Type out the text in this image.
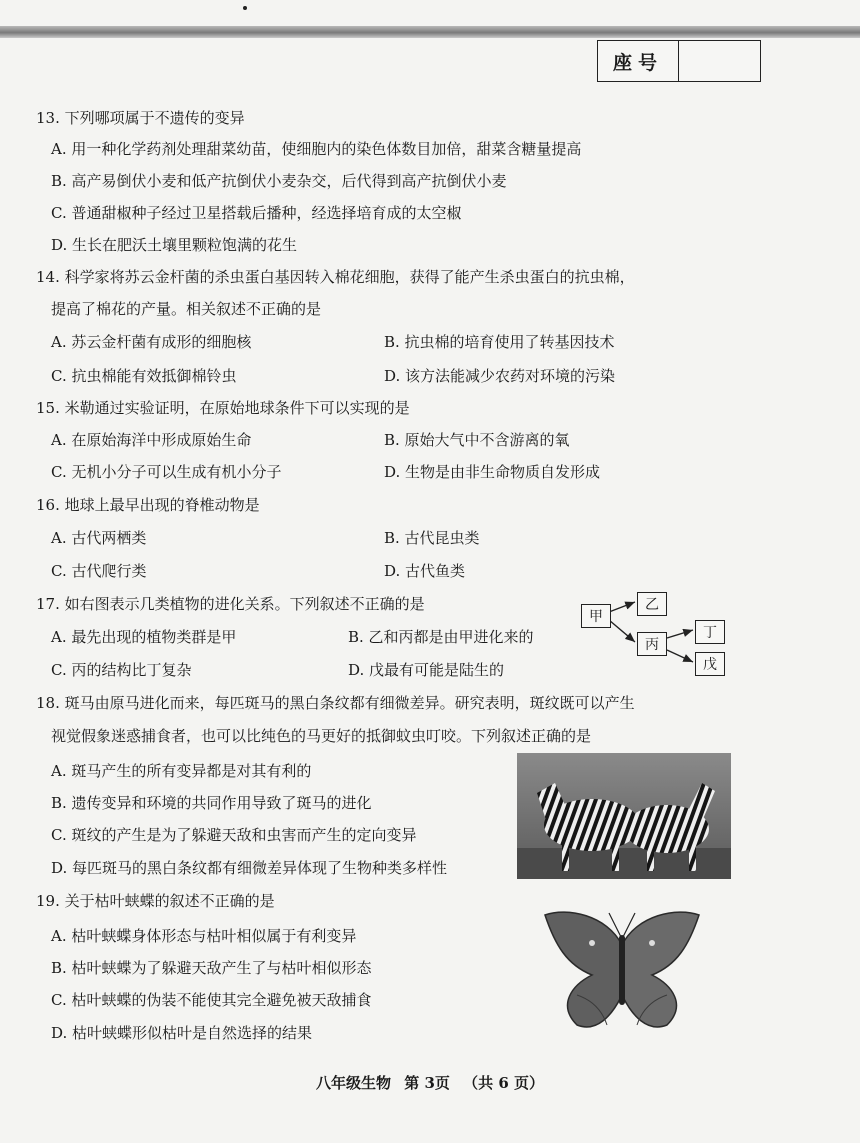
座号
13. 下列哪项属于不遗传的变异
A. 用一种化学药剂处理甜菜幼苗，使细胞内的染色体数目加倍，甜菜含糖量提高
B. 高产易倒伏小麦和低产抗倒伏小麦杂交，后代得到高产抗倒伏小麦
C. 普通甜椒种子经过卫星搭载后播种，经选择培育成的太空椒
D. 生长在肥沃土壤里颗粒饱满的花生
14. 科学家将苏云金杆菌的杀虫蛋白基因转入棉花细胞，获得了能产生杀虫蛋白的抗虫棉，
提高了棉花的产量。相关叙述不正确的是
A. 苏云金杆菌有成形的细胞核	B. 抗虫棉的培育使用了转基因技术
C. 抗虫棉能有效抵御棉铃虫	D. 该方法能减少农药对环境的污染
15. 米勒通过实验证明，在原始地球条件下可以实现的是
A. 在原始海洋中形成原始生命	B. 原始大气中不含游离的氧
C. 无机小分子可以生成有机小分子	D. 生物是由非生命物质自发形成
16. 地球上最早出现的脊椎动物是
A. 古代两栖类	B. 古代昆虫类
C. 古代爬行类	D. 古代鱼类
17. 如右图表示几类植物的进化关系。下列叙述不正确的是
A. 最先出现的植物类群是甲	B. 乙和丙都是由甲进化来的
C. 丙的结构比丁复杂	D. 戊最有可能是陆生的
甲
乙
丙
丁
戊
18. 斑马由原马进化而来，每匹斑马的黑白条纹都有细微差异。研究表明，斑纹既可以产生
视觉假象迷惑捕食者，也可以比纯色的马更好的抵御蚊虫叮咬。下列叙述正确的是
A. 斑马产生的所有变异都是对其有利的
B. 遗传变异和环境的共同作用导致了斑马的进化
C. 斑纹的产生是为了躲避天敌和虫害而产生的定向变异
D. 每匹斑马的黑白条纹都有细微差异体现了生物种类多样性
19. 关于枯叶蛱蝶的叙述不正确的是
A. 枯叶蛱蝶身体形态与枯叶相似属于有利变异
B. 枯叶蛱蝶为了躲避天敌产生了与枯叶相似形态
C. 枯叶蛱蝶的伪装不能使其完全避免被天敌捕食
D. 枯叶蛱蝶形似枯叶是自然选择的结果
八年级生物 第 3页 （共 6 页）
